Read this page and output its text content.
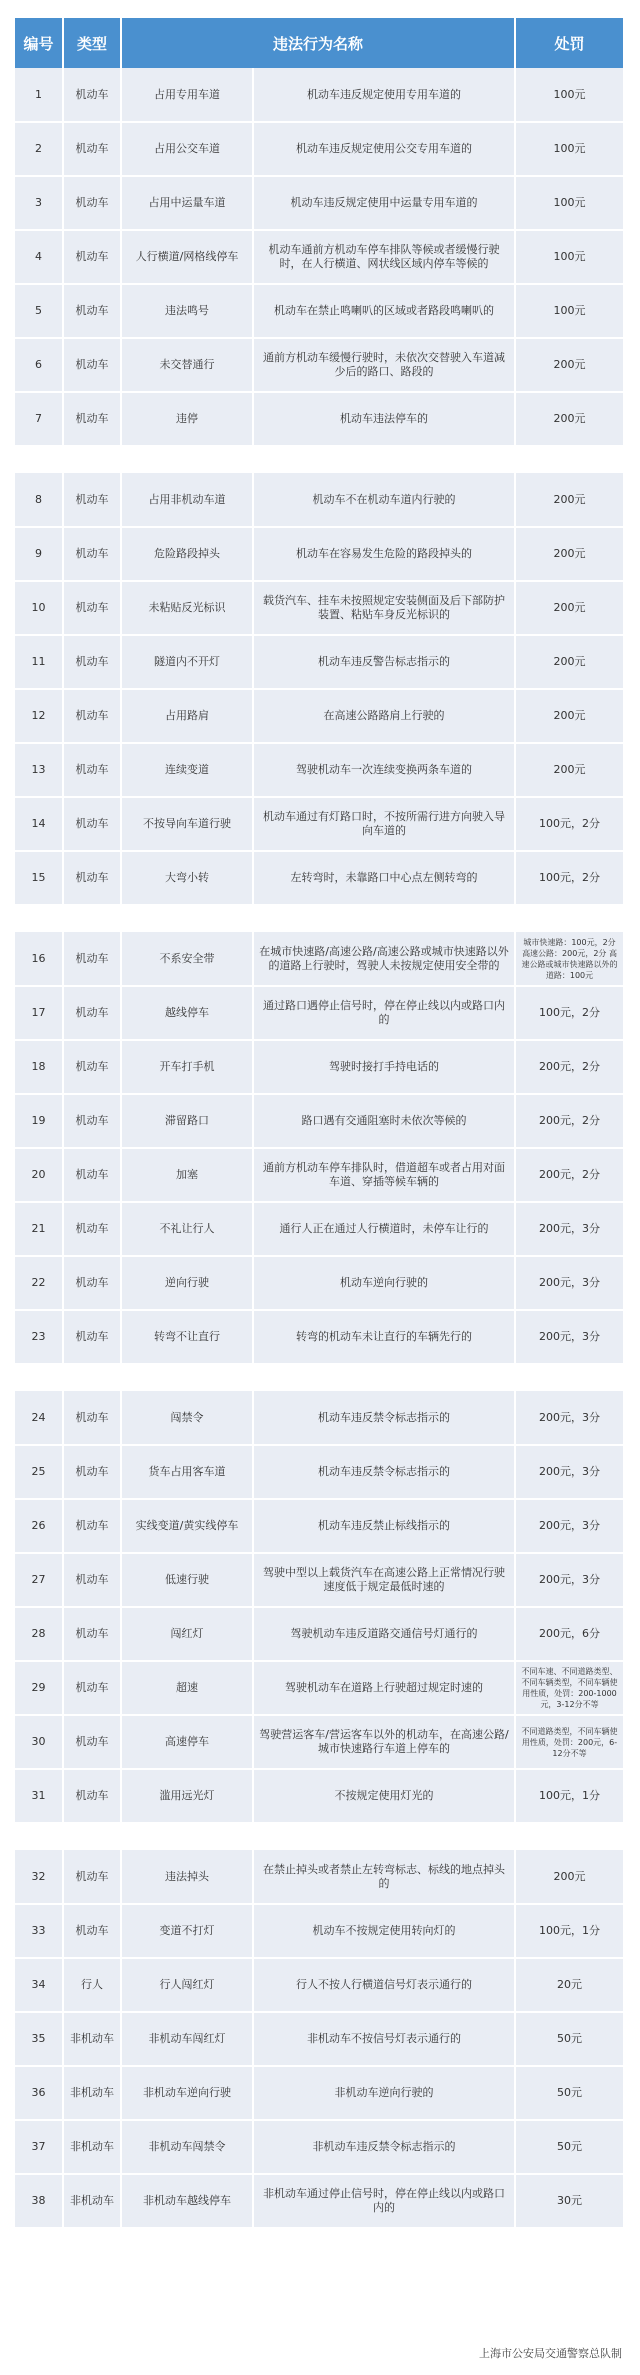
编号	类型	违法行为名称		处罚
1	机动车	占用专用车道	机动车违反规定使用专用车道的	100元
2	机动车	占用公交车道	机动车违反规定使用公交专用车道的	100元
3	机动车	占用中运量车道	机动车违反规定使用中运量专用车道的	100元
4	机动车	人行横道/网格线停车	机动车通前方机动车停车排队等候或者缓慢行驶时，在人行横道、网状线区域内停车等候的	100元
5	机动车	违法鸣号	机动车在禁止鸣喇叭的区域或者路段鸣喇叭的	100元
6	机动车	未交替通行	通前方机动车缓慢行驶时，未依次交替驶入车道减少后的路口、路段的	200元
7	机动车	违停	机动车违法停车的	200元

8	机动车	占用非机动车道	机动车不在机动车道内行驶的	200元
9	机动车	危险路段掉头	机动车在容易发生危险的路段掉头的	200元
10	机动车	未粘贴反光标识	载货汽车、挂车未按照规定安装侧面及后下部防护装置、粘贴车身反光标识的	200元
11	机动车	隧道内不开灯	机动车违反警告标志指示的	200元
12	机动车	占用路肩	在高速公路路肩上行驶的	200元
13	机动车	连续变道	驾驶机动车一次连续变换两条车道的	200元
14	机动车	不按导向车道行驶	机动车通过有灯路口时，不按所需行进方向驶入导向车道的	100元，2分
15	机动车	大弯小转	左转弯时，未靠路口中心点左侧转弯的	100元，2分

16	机动车	不系安全带	在城市快速路/高速公路/高速公路或城市快速路以外的道路上行驶时，驾驶人未按规定使用安全带的	城市快速路：100元，2分 高速公路：200元，2分 高速公路或城市快速路以外的道路：100元
17	机动车	越线停车	通过路口遇停止信号时，停在停止线以内或路口内的	100元，2分
18	机动车	开车打手机	驾驶时接打手持电话的	200元，2分
19	机动车	滞留路口	路口遇有交通阻塞时未依次等候的	200元，2分
20	机动车	加塞	通前方机动车停车排队时，借道超车或者占用对面车道、穿插等候车辆的	200元，2分
21	机动车	不礼让行人	通行人正在通过人行横道时，未停车让行的	200元，3分
22	机动车	逆向行驶	机动车逆向行驶的	200元，3分
23	机动车	转弯不让直行	转弯的机动车未让直行的车辆先行的	200元，3分

24	机动车	闯禁令	机动车违反禁令标志指示的	200元，3分
25	机动车	货车占用客车道	机动车违反禁令标志指示的	200元，3分
26	机动车	实线变道/黄实线停车	机动车违反禁止标线指示的	200元，3分
27	机动车	低速行驶	驾驶中型以上载货汽车在高速公路上正常情况行驶速度低于规定最低时速的	200元，3分
28	机动车	闯红灯	驾驶机动车违反道路交通信号灯通行的	200元，6分
29	机动车	超速	驾驶机动车在道路上行驶超过规定时速的	不同车速、不同道路类型、不同车辆类型，不同车辆使用性质，处罚：200-1000元，3-12分不等
30	机动车	高速停车	驾驶营运客车/营运客车以外的机动车，在高速公路/城市快速路行车道上停车的	不同道路类型，不同车辆使用性质，处罚：200元，6-12分不等
31	机动车	滥用远光灯	不按规定使用灯光的	100元，1分

32	机动车	违法掉头	在禁止掉头或者禁止左转弯标志、标线的地点掉头的	200元
33	机动车	变道不打灯	机动车不按规定使用转向灯的	100元，1分
34	行人	行人闯红灯	行人不按人行横道信号灯表示通行的	20元
35	非机动车	非机动车闯红灯	非机动车不按信号灯表示通行的	50元
36	非机动车	非机动车逆向行驶	非机动车逆向行驶的	50元
37	非机动车	非机动车闯禁令	非机动车违反禁令标志指示的	50元
38	非机动车	非机动车越线停车	非机动车通过停止信号时，停在停止线以内或路口内的	30元
上海市公安局交通警察总队制
